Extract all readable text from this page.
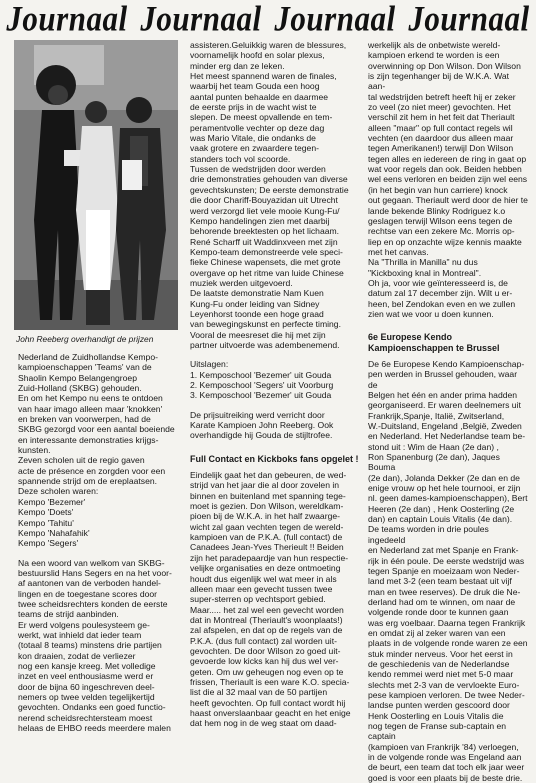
Journaal Journaal Journaal Journaal
John Reeberg overhandigt de prijzen

Nederland de Zuidhollandse Kempo-

kampioenschappen 'Teams' van de

Shaolin Kempo Belangengroep

Zuid-Holland (SKBG) gehouden.

En om het Kempo nu eens te ontdoen

van haar imago alleen maar 'knokken'

en breken van voorwerpen, had de

SKBG gezorgd voor een aantal boeiende

en interessante demonstraties krijgs-

kunsten.

Zeven scholen uit de regio gaven

acte de présence en zorgden voor een

spannende strijd om de ereplaatsen.

Deze scholen waren:

Kempo 'Bezemer'

Kempo 'Doets'

Kempo 'Tahitu'

Kempo 'Nahafahik'

Kempo 'Segers'

Na een woord van welkom van SKBG-

bestuurslid Hans Segers en na het voor-

af aantonen van de verboden handel-

lingen en de toegestane scores door

twee scheidsrechters konden de eerste

teams de strijd aanbinden.

Er werd volgens poulesysteem ge-

werkt, wat inhield dat ieder team

(totaal 8 teams) minstens drie partijen

kon draaien, zodat de verliezer

nog een kansje kreeg. Met volledige

inzet en veel enthousiasme werd er

door de bijna 60 ingeschreven deel-

nemers op twee velden tegelijkertijd

gevochten. Ondanks een goed functio-

nerend scheidsrechtersteam moest

helaas de EHBO reeds meerdere malen

assisteren.Geluikkig waren de blessures,

voornamelijk hoofd en solar plexus,

minder erg dan ze leken.

Het meest spannend waren de finales,

waarbij het team Gouda een hoog

aantal punten behaalde en daarmee

de eerste prijs in de wacht wist te

slepen. De meest opvallende en tem-

peramentvolle vechter op deze dag

was Mario Vitale, die ondanks de

vaak grotere en zwaardere tegen-

standers toch vol scoorde.

Tussen de wedstrijden door werden

drie demonstraties gehouden van diverse

gevechtskunsten; De eerste demonstratie

die door Chariff-Bouyazidan uit Utrecht

werd verzorgd liet vele mooie Kung-Fu/

Kempo handelingen zien met daarbij

behorende breektesten op het lichaam.

René Scharff uit Waddinxveen met zijn

Kempo-team demonstreerde vele speci-

fieke Chinese wapensets, die met grote

overgave op het ritme van luide Chinese

muziek werden uitgevoerd.

De laatste demonstratie Nam Kuen

Kung-Fu onder leiding van Sidney

Leyenhorst toonde een hoge graad

van bewegingskunst en perfecte timing.

Vooral de meesreset die hij met zijn

partner uitvoerde was adembenemend.

Uitslagen:

1. Kemposchool 'Bezemer' uit Gouda

2. Kemposchool 'Segers' uit Voorburg

3. Kemposchool 'Bezemer' uit Gouda

De prijsuitreiking werd verricht door

Karate Kampioen John Reeberg. Ook

overhandigde hij Gouda de stijltrofee.

Full Contact en Kickboks fans opgelet !

Eindelijk gaat het dan gebeuren, de wed-

strijd van het jaar die al door zovelen in

binnen en buitenland met spanning tege-

moet is gezien. Don Wilson, wereldkam-

pioen bij de W.K.A. in het half zwaarge-

wicht zal gaan vechten tegen de wereld-

kampioen van de P.K.A. (full contact) de

Canadees Jean-Yves Therieult !! Beiden

zijn het paradepaardje van hun respectie-

velijke organisaties en deze ontmoeting

houdt dus eigenlijk wel wat meer in als

alleen maar een gevecht tussen twee

super-sterren op vechtsport gebied.

Maar..... het zal wel een gevecht worden

dat in Montreal (Theriault's woonplaats!)

zal afspelen, en dat op de regels van de

P.K.A. (dus full contact) zal worden uit-

gevochten. De door Wilson zo goed uit-

gevoerde low kicks kan hij dus wel ver-

geten. Om uw geheugen nog even op te

frissen, Theriault is een ware K.O. specia-

list die al 32 maal van de 50 partijen

heeft gevochten. Op full contact wordt hij

haast onverslaanbaar geacht en het enige

dat hem nog in de weg staat om daad-

werkelijk als de onbetwiste wereld-

kampioen erkend te worden is een

overwinning op Don Wilson. Don Wilson

is zijn tegenhanger bij de W.K.A. Wat aan-

tal wedstrijden betreft heeft hij er zeker

zo veel (zo niet meer) gevochten. Het

verschil zit hem in het feit dat Theriault

alleen "maar" op full contact regels wil

vechten (en daardoor dus alleen maar

tegen Amerikanen!) terwijl Don Wilson

tegen alles en iedereen de ring in gaat op

wat voor regels dan ook. Beiden hebben

wel eens verloren en beiden zijn wel eens

(in het begin van hun carriere) knock

out gegaan. Theriault werd door de hier te

lande bekende Blinky Rodriguez k.o

geslagen terwijl Wilson eens tegen de

rechtse van een zekere Mc. Morris op-

liep en op onzachte wijze kennis maakte

met het canvas.

Na "Thrilla in Manilla" nu dus

"Kickboxing knal in Montreal".

Oh ja, voor wie geïnteresseerd is, de

datum zal 17 december zijn. Wilt u er-

heen, bel Zendokan even en we zullen

zien wat we voor u doen kunnen.

6e Europese Kendo Kampioenschappen te Brussel

De 6e Europese Kendo Kampioenschap-

pen werden in Brussel gehouden, waar de

Belgen het één en ander prima hadden

georganiseerd. Er waren deelnemers uit

Frankrijk,Spanje, Italië, Zwitserland,

W.-Duitsland, Engeland ,België, Zweden

en Nederland. Het Nederlandse team be-

stond uit : Wim de Haan (2e dan) ,

Ron Spanenburg (2e dan), Jaques Bouma

(2e dan), Jolanda Dekker (2e dan en de

enige vrouw op het hele tournooi, er zijn

nl. geen dames-kampioenschappen), Bert

Heeren (2e dan) , Henk Oosterling (2e

dan) en captain Louis Vitalis (4e dan).

De teams worden in drie poules ingedeeld

en Nederland zat met Spanje en Frank-

rijk in één poule. De eerste wedstrijd was

tegen Spanje en moeizaam won Neder-

land met 3-2 (een team bestaat uit vijf

man en twee reserves). De druk die Ne-

derland had om te winnen, om naar de

volgende ronde door te kunnen gaan

was erg voelbaar. Daarna tegen Frankrijk

en omdat zij al zeker waren van een

plaats in de volgende ronde waren ze een

stuk minder nerveus. Voor het eerst in

de geschiedenis van de Nederlandse

kendo remmei werd niet met 5-0 maar

slechts met 2-3 van de vervloekte Euro-

pese kampioen verloren. De twee Neder-

landse punten werden gescoord door

Henk Oosterling en Louis Vitalis die

nog tegen de Franse sub-captain en captain

(kampioen van Frankrijk '84) verloegen,

in de volgende ronde was Engeland aan

de beurt, een team dat toch elk jaar weer

goed is voor een plaats bij de beste drie.
